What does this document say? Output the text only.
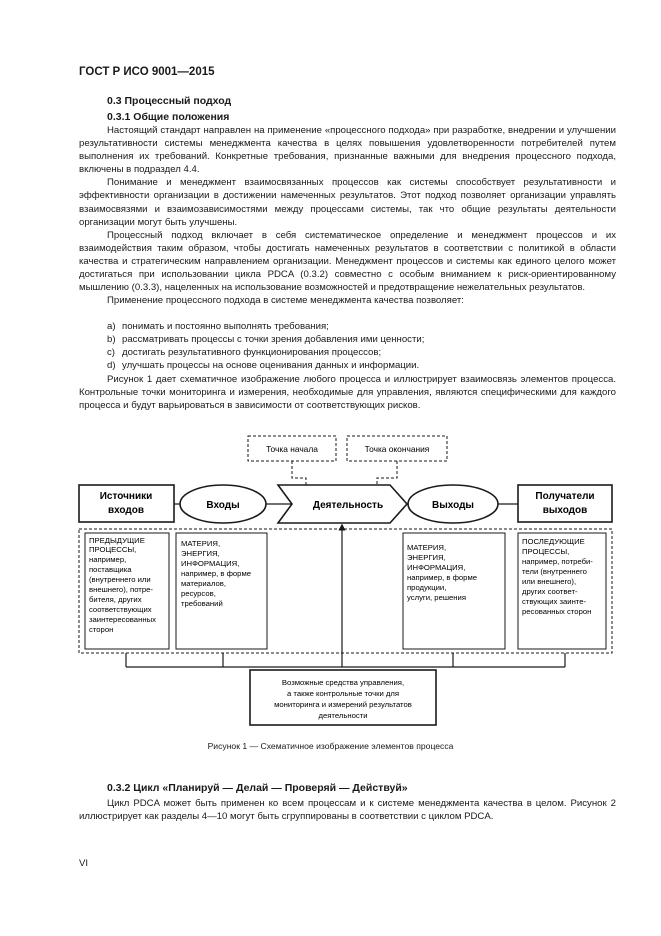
ГОСТ Р ИСО 9001—2015
0.3 Процессный подход
0.3.1 Общие положения

Настоящий стандарт направлен на применение «процессного подхода» при разработке, внедрении и улучшении результативности системы менеджмента качества в целях повышения удовлетворенности потребителей путем выполнения их требований. Конкретные требования, признанные важными для внедрения процессного подхода, включены в подраздел 4.4.

Понимание и менеджмент взаимосвязанных процессов как системы способствует результативности и эффективности организации в достижении намеченных результатов. Этот подход позволяет организации управлять взаимосвязями и взаимозависимостями между процессами системы, так что общие результаты деятельности организации могут быть улучшены.

Процессный подход включает в себя систематическое определение и менеджмент процессов и их взаимодействия таким образом, чтобы достигать намеченных результатов в соответствии с политикой в области качества и стратегическим направлением организации. Менеджмент процессов и системы как единого целого может достигаться при использовании цикла PDCA (0.3.2) совместно с особым вниманием к риск-ориентированному мышлению (0.3.3), нацеленных на использование возможностей и предотвращение нежелательных результатов.

Применение процессного подхода в системе менеджмента качества позволяет:

a) понимать и постоянно выполнять требования;
b) рассматривать процессы с точки зрения добавления ими ценности;
c) достигать результативного функционирования процессов;
d) улучшать процессы на основе оценивания данных и информации.

Рисунок 1 дает схематичное изображение любого процесса и иллюстрирует взаимосвязь элементов процесса. Контрольные точки мониторинга и измерения, необходимые для управления, являются специфическими для каждого процесса и будут варьироваться в зависимости от соответствующих рисков.

Точка начала	Точка окончания
Источники
входов	Входы	Деятельность	Выходы
Получатели
выходов
ПРЕДЫДУЩИЕ
ПРОЦЕССЫ,
например,
поставщика
(внутреннего или
внешнего), потре-
бителя, других
соответствующих
заинтересованных
сторон
МАТЕРИЯ,
ЭНЕРГИЯ,
ИНФОРМАЦИЯ,
например, в форме
материалов,
ресурсов,
требований
МАТЕРИЯ,
ЭНЕРГИЯ,
ИНФОРМАЦИЯ,
например, в форме
продукции,
услуги, решения
ПОСЛЕДУЮЩИЕ
ПРОЦЕССЫ,
например, потреби-
тели (внутреннего
или внешнего),
других соответ-
ствующих заинте-
ресованных сторон
Возможные средства управления,
а также контрольные точки для
мониторинга и измерений результатов
деятельности
Рисунок 1 — Схематичное изображение элементов процесса
0.3.2 Цикл «Планируй — Делай — Проверяй — Действуй»

Цикл PDCA может быть применен ко всем процессам и к системе менеджмента качества в целом. Рисунок 2 иллюстрирует как разделы 4—10 могут быть сгруппированы в соответствии с циклом PDCA.

VI
